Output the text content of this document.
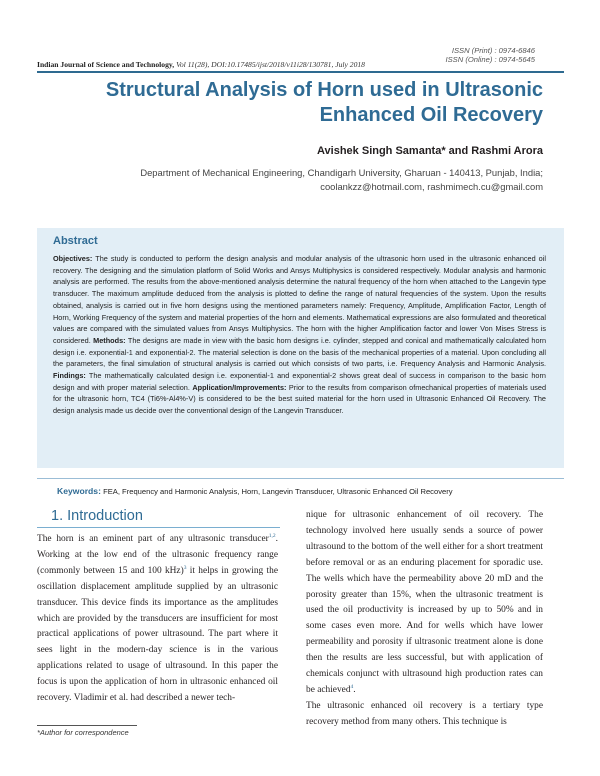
ISSN (Print) : 0974-6846
ISSN (Online) : 0974-5645
Indian Journal of Science and Technology, Vol 11(28), DOI:10.17485/ijst/2018/v11i28/130781, July 2018
Structural Analysis of Horn used in Ultrasonic Enhanced Oil Recovery
Avishek Singh Samanta* and Rashmi Arora
Department of Mechanical Engineering, Chandigarh University, Gharuan - 140413, Punjab, India;
coolankzz@hotmail.com, rashmimech.cu@gmail.com
Abstract
Objectives: The study is conducted to perform the design analysis and modular analysis of the ultrasonic horn used in the ultrasonic enhanced oil recovery. The designing and the simulation platform of Solid Works and Ansys Multiphysics is considered respectively. Modular analysis and harmonic analysis are performed. The results from the above-mentioned analysis determine the natural frequency of the horn when attached to the Langevin type transducer. The maximum amplitude deduced from the analysis is plotted to define the range of natural frequencies of the system. Upon the results obtained, analysis is carried out in five horn designs using the mentioned parameters namely: Frequency, Amplitude, Amplification Factor, Length of Horn, Working Frequency of the system and material properties of the horn and elements. Mathematical expressions are also formulated and theoretical values are compared with the simulated values from Ansys Multiphysics. The horn with the higher Amplification factor and lower Von Mises Stress is considered. Methods: The designs are made in view with the basic horn designs i.e. cylinder, stepped and conical and mathematically calculated horn design i.e. exponential-1 and exponential-2. The material selection is done on the basis of the mechanical properties of a material. Upon concluding all the parameters, the final simulation of structural analysis is carried out which consists of two parts, i.e. Frequency Analysis and Harmonic Analysis. Findings: The mathematically calculated design i.e. exponential-1 and exponential-2 shows great deal of success in comparison to the basic horn design and with proper material selection. Application/Improvements: Prior to the results from comparison ofmechanical properties of materials used for the ultrasonic horn, TC4 (Ti6%-Al4%-V) is considered to be the best suited material for the horn used in Ultrasonic Enhanced Oil Recovery. The design analysis made us decide over the conventional design of the Langevin Transducer.
Keywords: FEA, Frequency and Harmonic Analysis, Horn, Langevin Transducer, Ultrasonic Enhanced Oil Recovery
1. Introduction

The horn is an eminent part of any ultrasonic transducer$^{1,2}$. Working at the low end of the ultrasonic frequency range (commonly between 15 and 100 kHz)$^3$ it helps in growing the oscillation displacement amplitude supplied by an ultrasonic transducer. This device finds its importance as the amplitudes which are provided by the transducers are insufficient for most practical applications of power ultrasound. The part where it sees light in the modern-day science is in the various applications related to usage of ultrasound. In this paper the focus is upon the application of horn in ultrasonic enhanced oil recovery. Vladimir et al. had described a newer tech-

nique for ultrasonic enhancement of oil recovery. The technology involved here usually sends a source of power ultrasound to the bottom of the well either for a short treatment before removal or as an enduring placement for sporadic use. The wells which have the permeability above 20 mD and the porosity greater than 15%, when the ultrasonic treatment is used the oil productivity is increased by up to 50% and in some cases even more. And for wells which have lower permeability and porosity if ultrasonic treatment alone is done then the results are less successful, but with application of chemicals conjunct with ultrasound high production rates can be achieved$^4$.

The ultrasonic enhanced oil recovery is a tertiary type recovery method from many others. This technique is

*Author for correspondence
